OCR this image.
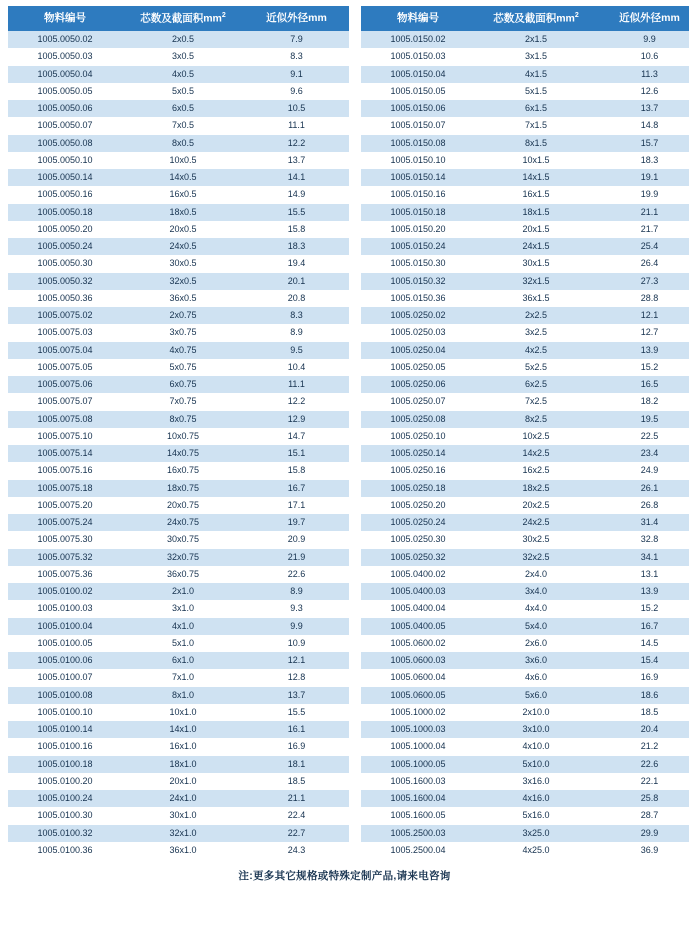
物料编号	芯数及截面积$mm^2$	近似外径mm
1005.0050.02	2x0.5	7.9
1005.0050.03	3x0.5	8.3
1005.0050.04	4x0.5	9.1
1005.0050.05	5x0.5	9.6
1005.0050.06	6x0.5	10.5
1005.0050.07	7x0.5	11.1
1005.0050.08	8x0.5	12.2
1005.0050.10	10x0.5	13.7
1005.0050.14	14x0.5	14.1
1005.0050.16	16x0.5	14.9
1005.0050.18	18x0.5	15.5
1005.0050.20	20x0.5	15.8
1005.0050.24	24x0.5	18.3
1005.0050.30	30x0.5	19.4
1005.0050.32	32x0.5	20.1
1005.0050.36	36x0.5	20.8
1005.0075.02	2x0.75	8.3
1005.0075.03	3x0.75	8.9
1005.0075.04	4x0.75	9.5
1005.0075.05	5x0.75	10.4
1005.0075.06	6x0.75	11.1
1005.0075.07	7x0.75	12.2
1005.0075.08	8x0.75	12.9
1005.0075.10	10x0.75	14.7
1005.0075.14	14x0.75	15.1
1005.0075.16	16x0.75	15.8
1005.0075.18	18x0.75	16.7
1005.0075.20	20x0.75	17.1
1005.0075.24	24x0.75	19.7
1005.0075.30	30x0.75	20.9
1005.0075.32	32x0.75	21.9
1005.0075.36	36x0.75	22.6
1005.0100.02	2x1.0	8.9
1005.0100.03	3x1.0	9.3
1005.0100.04	4x1.0	9.9
1005.0100.05	5x1.0	10.9
1005.0100.06	6x1.0	12.1
1005.0100.07	7x1.0	12.8
1005.0100.08	8x1.0	13.7
1005.0100.10	10x1.0	15.5
1005.0100.14	14x1.0	16.1
1005.0100.16	16x1.0	16.9
1005.0100.18	18x1.0	18.1
1005.0100.20	20x1.0	18.5
1005.0100.24	24x1.0	21.1
1005.0100.30	30x1.0	22.4
1005.0100.32	32x1.0	22.7
1005.0100.36	36x1.0	24.3
物料编号	芯数及截面积$mm^2$	近似外径mm
1005.0150.02	2x1.5	9.9
1005.0150.03	3x1.5	10.6
1005.0150.04	4x1.5	11.3
1005.0150.05	5x1.5	12.6
1005.0150.06	6x1.5	13.7
1005.0150.07	7x1.5	14.8
1005.0150.08	8x1.5	15.7
1005.0150.10	10x1.5	18.3
1005.0150.14	14x1.5	19.1
1005.0150.16	16x1.5	19.9
1005.0150.18	18x1.5	21.1
1005.0150.20	20x1.5	21.7
1005.0150.24	24x1.5	25.4
1005.0150.30	30x1.5	26.4
1005.0150.32	32x1.5	27.3
1005.0150.36	36x1.5	28.8
1005.0250.02	2x2.5	12.1
1005.0250.03	3x2.5	12.7
1005.0250.04	4x2.5	13.9
1005.0250.05	5x2.5	15.2
1005.0250.06	6x2.5	16.5
1005.0250.07	7x2.5	18.2
1005.0250.08	8x2.5	19.5
1005.0250.10	10x2.5	22.5
1005.0250.14	14x2.5	23.4
1005.0250.16	16x2.5	24.9
1005.0250.18	18x2.5	26.1
1005.0250.20	20x2.5	26.8
1005.0250.24	24x2.5	31.4
1005.0250.30	30x2.5	32.8
1005.0250.32	32x2.5	34.1
1005.0400.02	2x4.0	13.1
1005.0400.03	3x4.0	13.9
1005.0400.04	4x4.0	15.2
1005.0400.05	5x4.0	16.7
1005.0600.02	2x6.0	14.5
1005.0600.03	3x6.0	15.4
1005.0600.04	4x6.0	16.9
1005.0600.05	5x6.0	18.6
1005.1000.02	2x10.0	18.5
1005.1000.03	3x10.0	20.4
1005.1000.04	4x10.0	21.2
1005.1000.05	5x10.0	22.6
1005.1600.03	3x16.0	22.1
1005.1600.04	4x16.0	25.8
1005.1600.05	5x16.0	28.7
1005.2500.03	3x25.0	29.9
1005.2500.04	4x25.0	36.9
注:更多其它规格或特殊定制产品,请来电咨询
